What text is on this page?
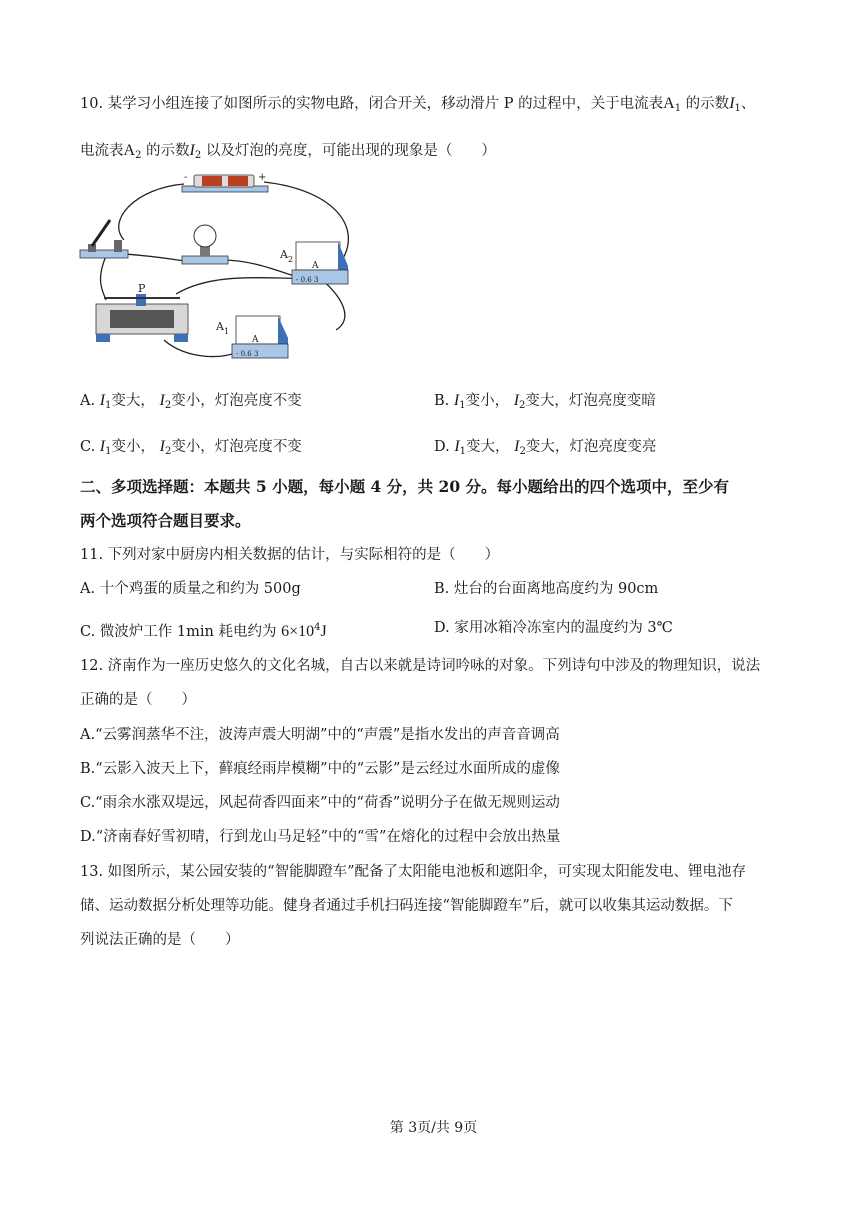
10. 某学习小组连接了如图所示的实物电路，闭合开关，移动滑片 P 的过程中，关于电流表$A_1$ 的示数$I_1$、
电流表$A_2$ 的示数$I_2$ 以及灯泡的亮度，可能出现的现象是（　　）
-	+
A
- 0.6 3
A 2
P
A
- 0.6 3
A 1
A. $I_1$变大， $I_2$变小，灯泡亮度不变	B. $I_1$变小， $I_2$变大，灯泡亮度变暗
C. $I_1$变小， $I_2$变小，灯泡亮度不变	D. $I_1$变大， $I_2$变大，灯泡亮度变亮
二、多项选择题：本题共 5 小题，每小题 4 分，共 20 分。每小题给出的四个选项中，至少有
两个选项符合题目要求。
11. 下列对家中厨房内相关数据的估计，与实际相符的是（　　）
A. 十个鸡蛋的质量之和约为 500g	B. 灶台的台面离地高度约为 90cm
C. 微波炉工作 1min 耗电约为 $6\times 10^4J$	D. 家用冰箱冷冻室内的温度约为 3℃
12. 济南作为一座历史悠久的文化名城，自古以来就是诗词吟咏的对象。下列诗句中涉及的物理知识，说法
正确的是（　　）
A.“云雾润蒸华不注，波涛声震大明湖”中的“声震”是指水发出的声音音调高
B.“云影入波天上下，藓痕经雨岸模糊”中的“云影”是云经过水面所成的虚像
C.“雨余水涨双堤远，风起荷香四面来”中的“荷香”说明分子在做无规则运动
D.“济南春好雪初晴，行到龙山马足轻”中的“雪”在熔化的过程中会放出热量
13. 如图所示，某公园安装的“智能脚蹬车”配备了太阳能电池板和遮阳伞，可实现太阳能发电、锂电池存
储、运动数据分析处理等功能。健身者通过手机扫码连接“智能脚蹬车”后，就可以收集其运动数据。下
列说法正确的是（　　）
第 3页/共 9页
